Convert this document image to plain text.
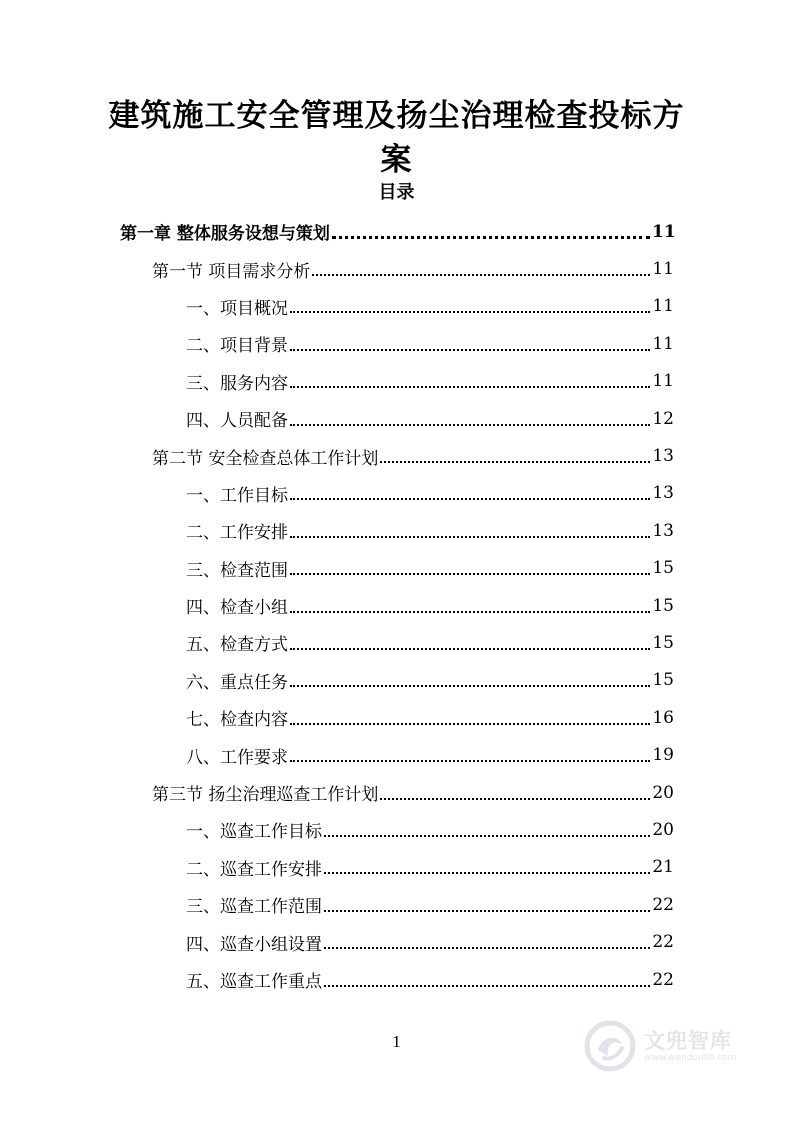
建筑施工安全管理及扬尘治理检查投标方案
目录
第一章 整体服务设想与策划	11
第一节 项目需求分析	11
一、项目概况	11
二、项目背景	11
三、服务内容	11
四、人员配备	12
第二节 安全检查总体工作计划	13
一、工作目标	13
二、工作安排	13
三、检查范围	15
四、检查小组	15
五、检查方式	15
六、重点任务	15
七、检查内容	16
八、工作要求	19
第三节 扬尘治理巡查工作计划	20
一、巡查工作目标	20
二、巡查工作安排	21
三、巡查工作范围	22
四、巡查小组设置	22
五、巡查工作重点	22
1	文兜智库
www.wendoulib.com
